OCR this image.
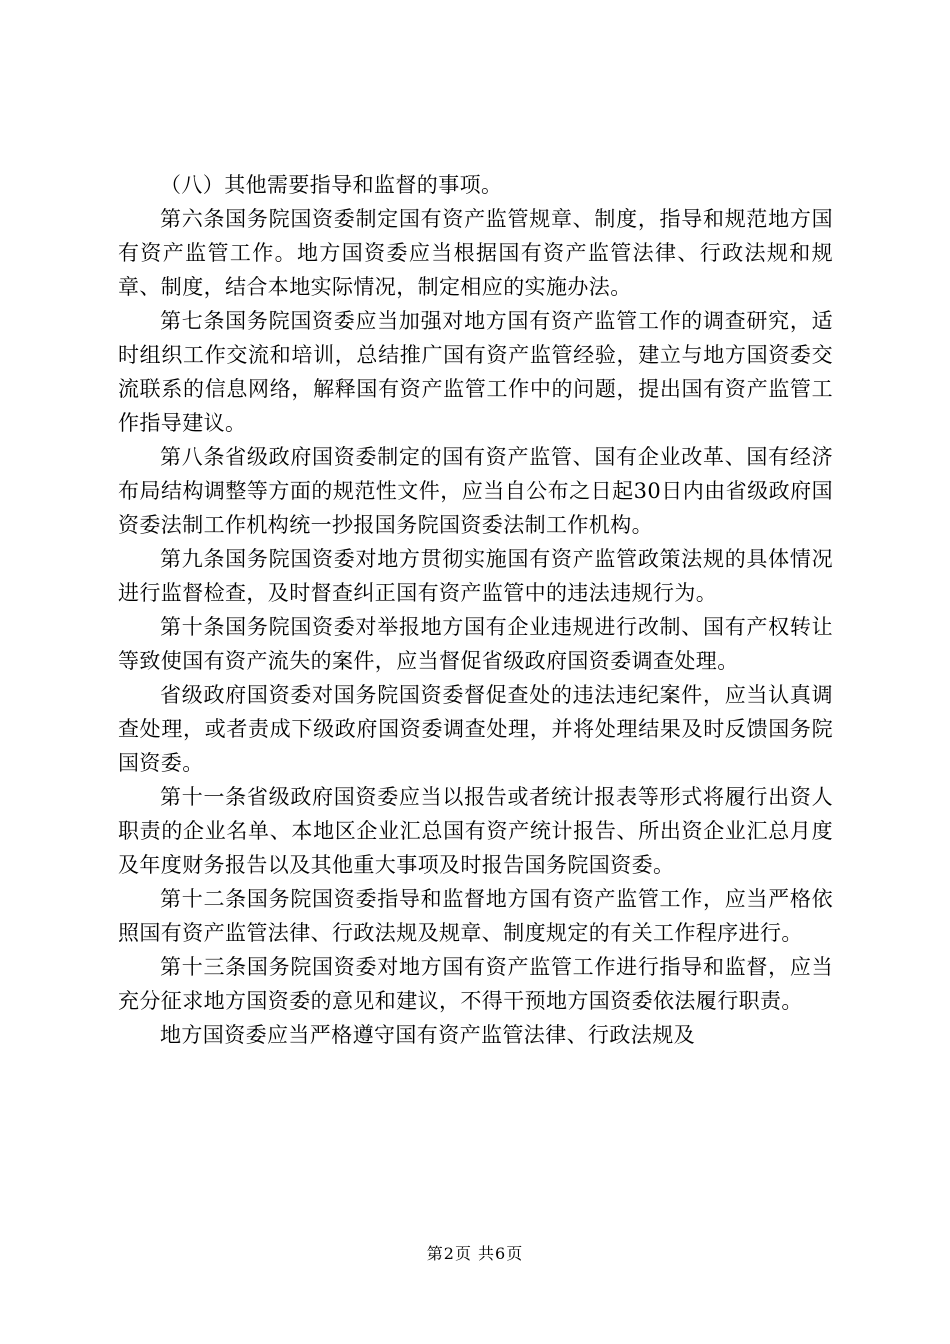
（八）其他需要指导和监督的事项。

第六条国务院国资委制定国有资产监管规章、制度，指导和规范地方国有资产监管工作。地方国资委应当根据国有资产监管法律、行政法规和规章、制度，结合本地实际情况，制定相应的实施办法。

第七条国务院国资委应当加强对地方国有资产监管工作的调查研究，适时组织工作交流和培训，总结推广国有资产监管经验，建立与地方国资委交流联系的信息网络，解释国有资产监管工作中的问题，提出国有资产监管工作指导建议。

第八条省级政府国资委制定的国有资产监管、国有企业改革、国有经济布局结构调整等方面的规范性文件，应当自公布之日起30日内由省级政府国资委法制工作机构统一抄报国务院国资委法制工作机构。

第九条国务院国资委对地方贯彻实施国有资产监管政策法规的具体情况进行监督检查，及时督查纠正国有资产监管中的违法违规行为。

第十条国务院国资委对举报地方国有企业违规进行改制、国有产权转让等致使国有资产流失的案件，应当督促省级政府国资委调查处理。

省级政府国资委对国务院国资委督促查处的违法违纪案件，应当认真调查处理，或者责成下级政府国资委调查处理，并将处理结果及时反馈国务院国资委。

第十一条省级政府国资委应当以报告或者统计报表等形式将履行出资人职责的企业名单、本地区企业汇总国有资产统计报告、所出资企业汇总月度及年度财务报告以及其他重大事项及时报告国务院国资委。

第十二条国务院国资委指导和监督地方国有资产监管工作，应当严格依照国有资产监管法律、行政法规及规章、制度规定的有关工作程序进行。

第十三条国务院国资委对地方国有资产监管工作进行指导和监督，应当充分征求地方国资委的意见和建议，不得干预地方国资委依法履行职责。

地方国资委应当严格遵守国有资产监管法律、行政法规及

第2页 共6页
